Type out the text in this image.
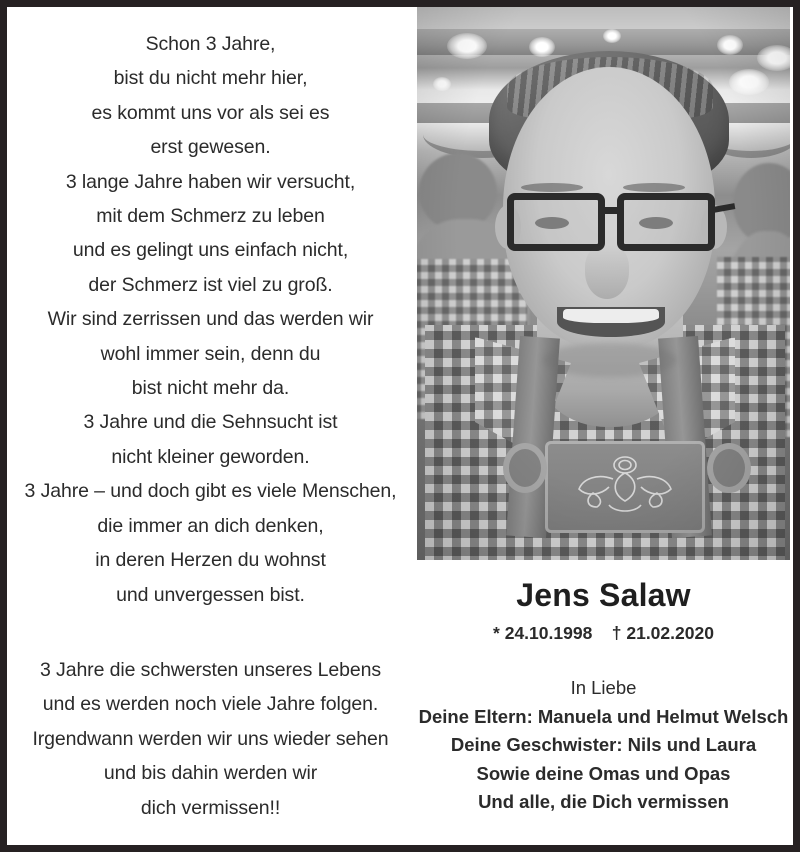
Schon 3 Jahre,
bist du nicht mehr hier,
es kommt uns vor als sei es
erst gewesen.
3 lange Jahre haben wir versucht,
mit dem Schmerz zu leben
und es gelingt uns einfach nicht,
der Schmerz ist viel zu groß.
Wir sind zerrissen und das werden wir
wohl immer sein, denn du
bist nicht mehr da.
3 Jahre und die Sehnsucht ist
nicht kleiner geworden.
3 Jahre – und doch gibt es viele Menschen,
die immer an dich denken,
in deren Herzen du wohnst
und unvergessen bist.
3 Jahre die schwersten unseres Lebens
und es werden noch viele Jahre folgen.
Irgendwann werden wir uns wieder sehen
und bis dahin werden wir
dich vermissen!!
Jens Salaw
* 24.10.1998    † 21.02.2020
In Liebe
Deine Eltern: Manuela und Helmut Welsch
Deine Geschwister: Nils und Laura
Sowie deine Omas und Opas
Und alle, die Dich vermissen
